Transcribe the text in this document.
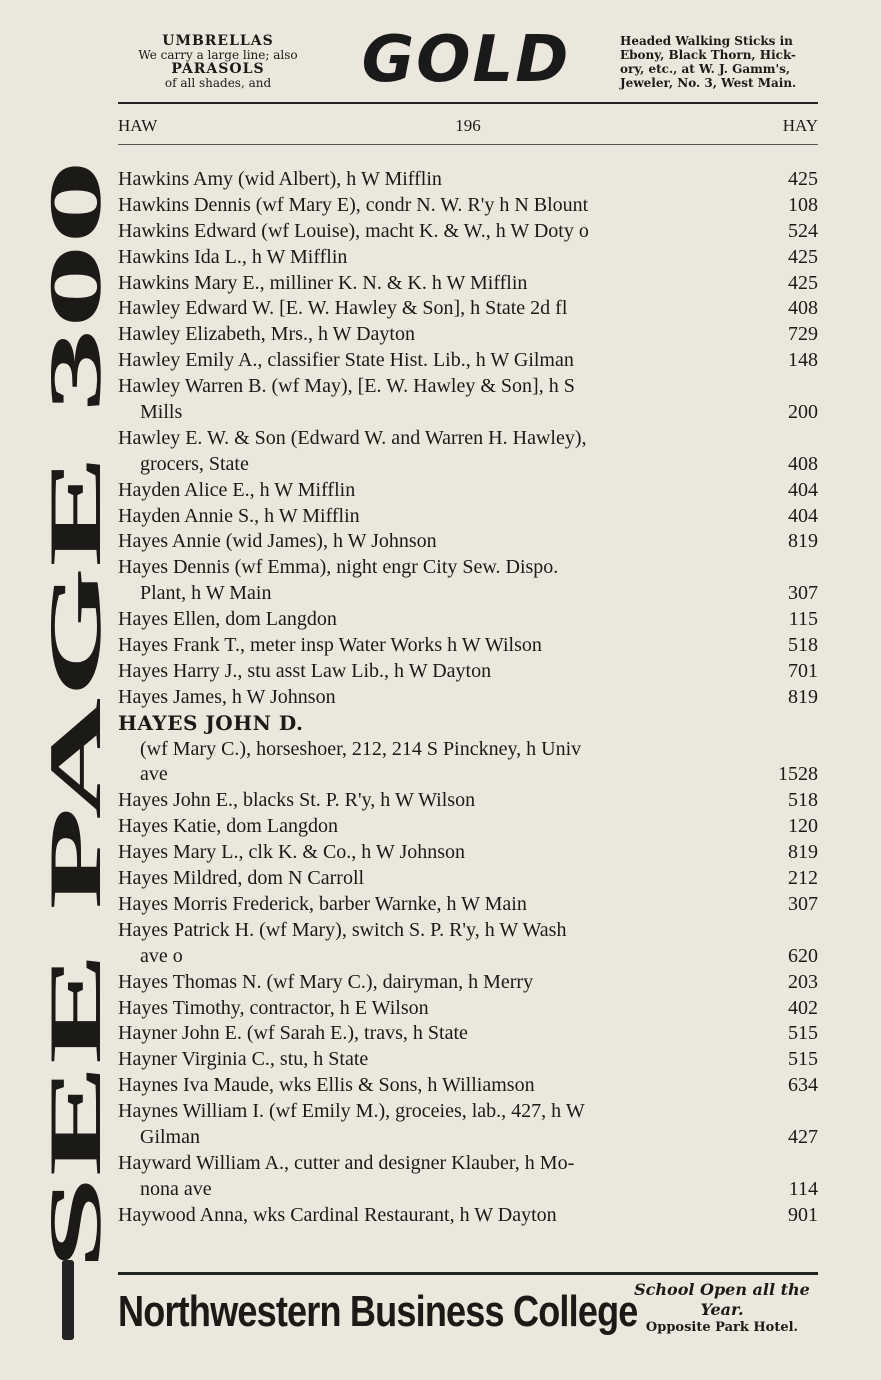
SEE PAGE 300
UMBRELLAS
We carry a large line; also
PARASOLS
of all shades, and	GOLD	Headed Walking Sticks in
Ebony, Black Thorn, Hick-
ory, etc., at W. J. Gamm's,
Jeweler, No. 3, West Main.
196
HAW	HAY
Hawkins Amy (wid Albert), h W Mifflin	425
Hawkins Dennis (wf Mary E), condr N. W. R'y h N Blount	108
Hawkins Edward (wf Louise), macht K. & W., h W Doty o	524
Hawkins Ida L., h W Mifflin	425
Hawkins Mary E., milliner K. N. & K. h W Mifflin	425
Hawley Edward W. [E. W. Hawley & Son], h State 2d fl	408
Hawley Elizabeth, Mrs., h W Dayton	729
Hawley Emily A., classifier State Hist. Lib., h W Gilman	148
Hawley Warren B. (wf May), [E. W. Hawley & Son], h S
Mills	200
Hawley E. W. & Son (Edward W. and Warren H. Hawley),
grocers, State	408
Hayden Alice E., h W Mifflin	404
Hayden Annie S., h W Mifflin	404
Hayes Annie (wid James), h W Johnson	819
Hayes Dennis (wf Emma), night engr City Sew. Dispo.
Plant, h W Main	307
Hayes Ellen, dom Langdon	115
Hayes Frank T., meter insp Water Works h W Wilson	518
Hayes Harry J., stu asst Law Lib., h W Dayton	701
Hayes James, h W Johnson	819
HAYES JOHN D.
(wf Mary C.), horseshoer, 212, 214 S Pinckney, h Univ
ave	1528
Hayes John E., blacks St. P. R'y, h W Wilson	518
Hayes Katie, dom Langdon	120
Hayes Mary L., clk K. & Co., h W Johnson	819
Hayes Mildred, dom N Carroll	212
Hayes Morris Frederick, barber Warnke, h W Main	307
Hayes Patrick H. (wf Mary), switch S. P. R'y, h W Wash
ave o	620
Hayes Thomas N. (wf Mary C.), dairyman, h Merry	203
Hayes Timothy, contractor, h E Wilson	402
Hayner John E. (wf Sarah E.), travs, h State	515
Hayner Virginia C., stu, h State	515
Haynes Iva Maude, wks Ellis & Sons, h Williamson	634
Haynes William I. (wf Emily M.), groceies, lab., 427, h W
Gilman	427
Hayward William A., cutter and designer Klauber, h Mo-
nona ave	114
Haywood Anna, wks Cardinal Restaurant, h W Dayton	901
Northwestern Business College
School Open all the
Year.
Opposite Park Hotel.
